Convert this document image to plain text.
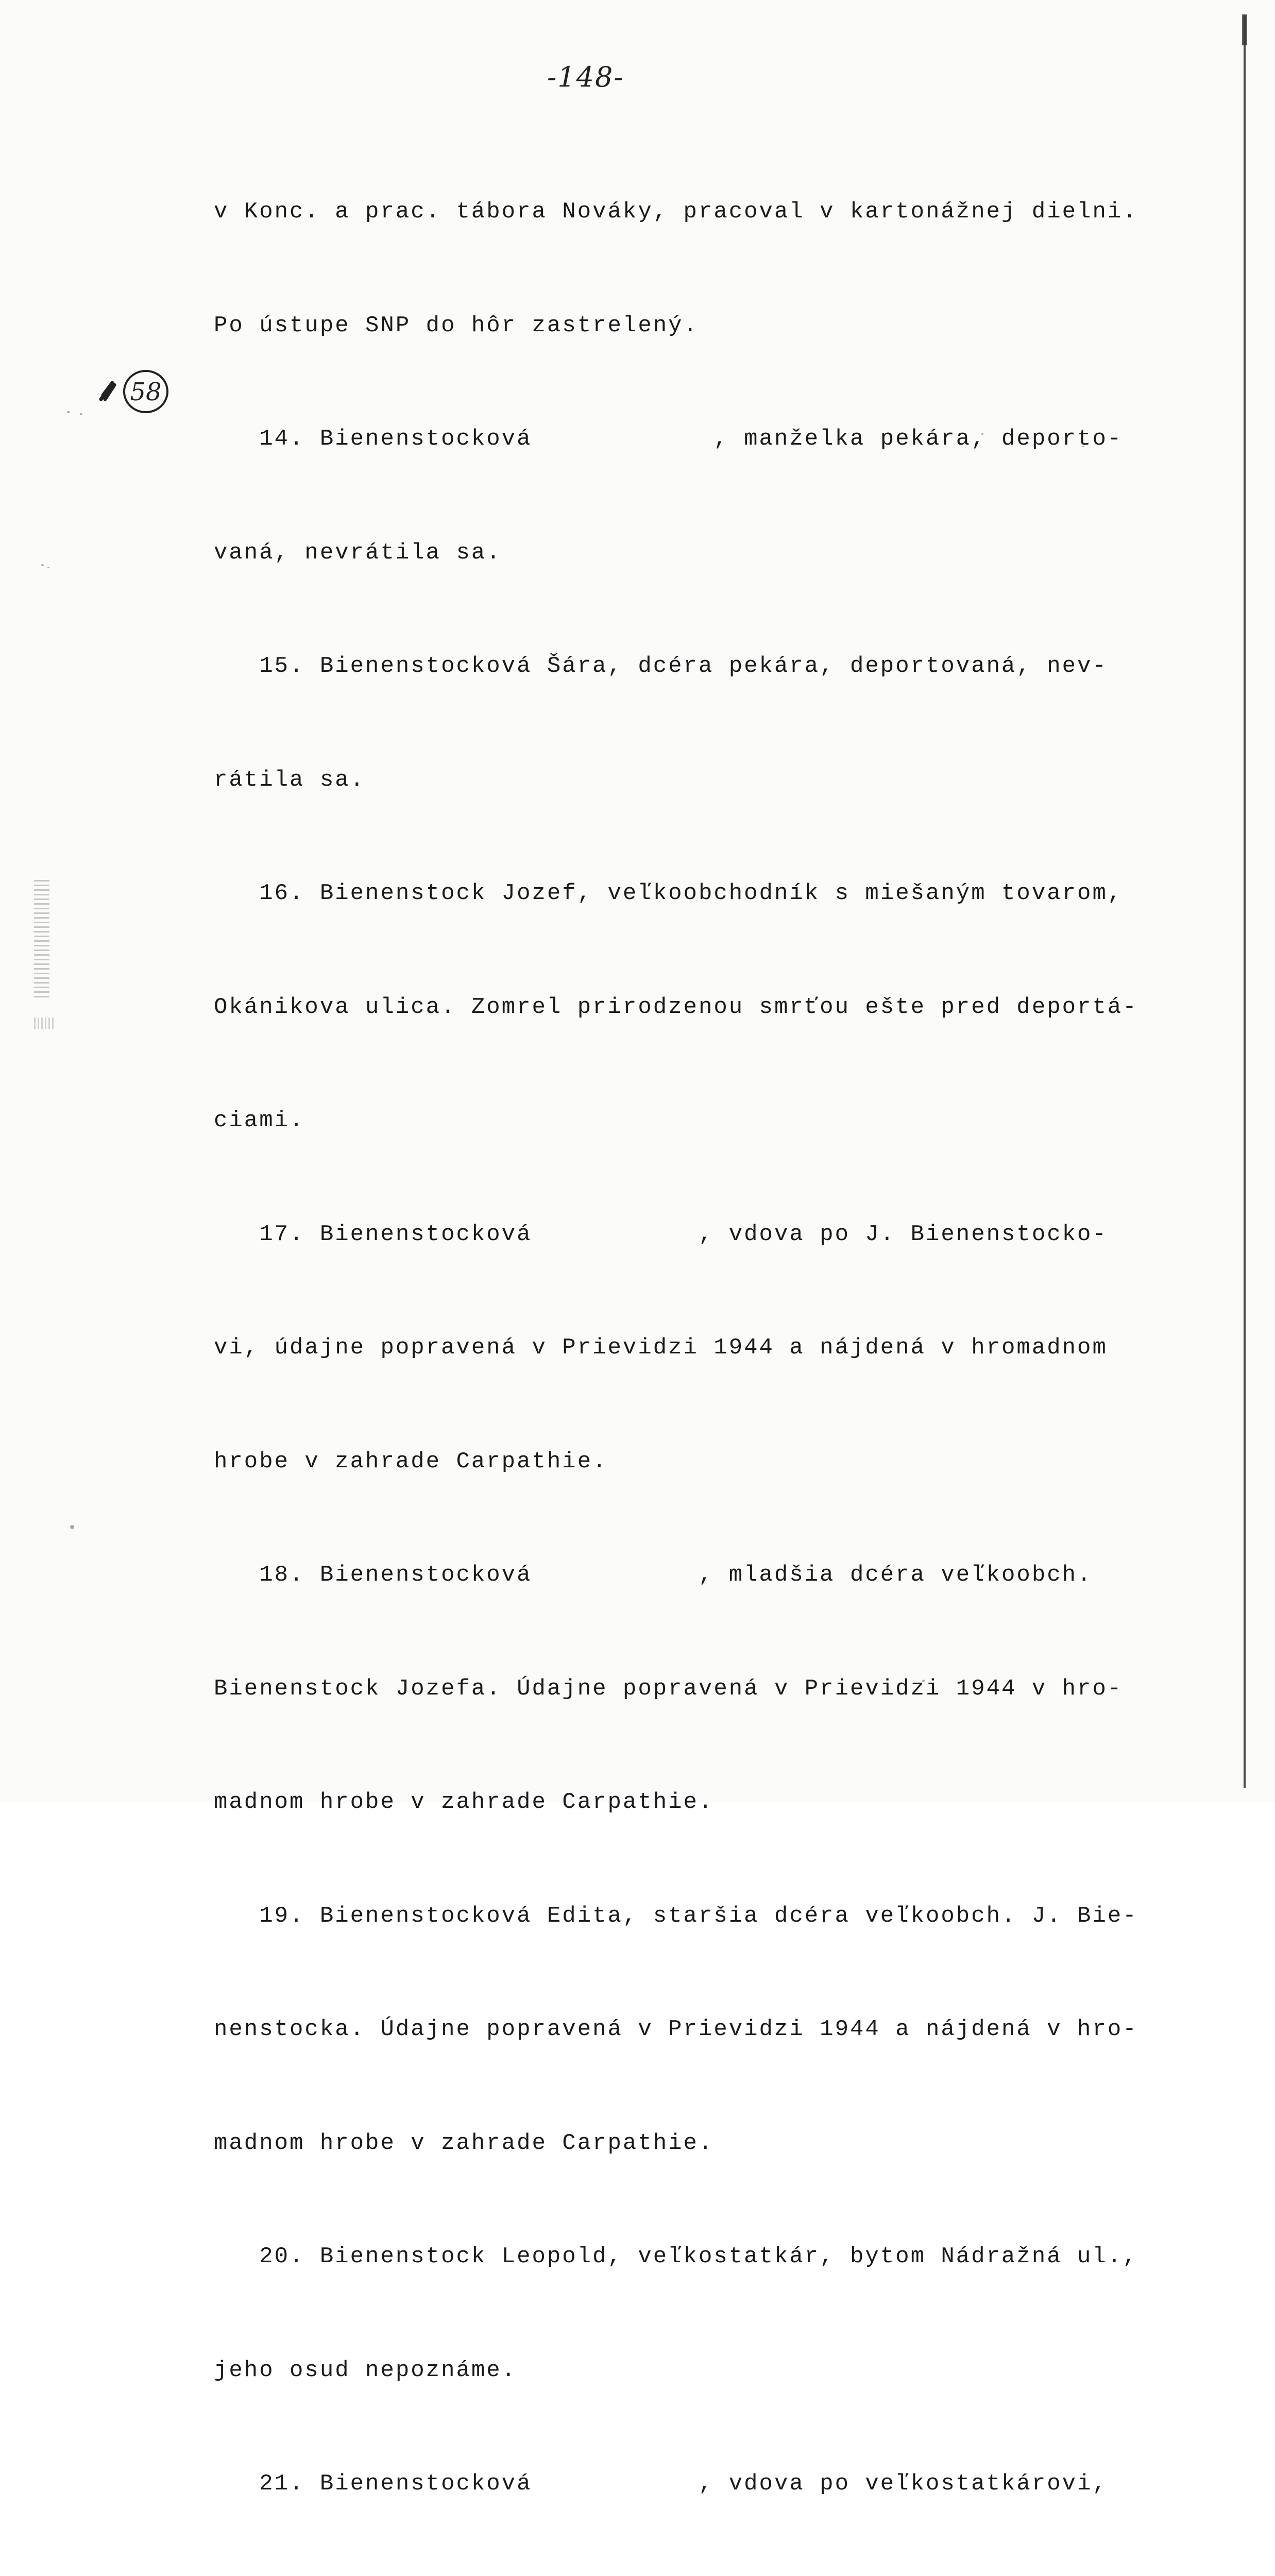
-148-
58

v Konc. a prac. tábora Nováky, pracoval v kartonážnej dielni.

Po ústupe SNP do hôr zastrelený.

14. Bienenstocková            , manželka pekára, deporto-

vaná, nevrátila sa.

15. Bienenstocková Šára, dcéra pekára, deportovaná, nev-

rátila sa.

16. Bienenstock Jozef, veľkoobchodník s miešaným tovarom,

Okánikova ulica. Zomrel prirodzenou smrťou ešte pred deportá-

ciami.

17. Bienenstocková           , vdova po J. Bienenstocko-

vi, údajne popravená v Prievidzi 1944 a nájdená v hromadnom

hrobe v zahrade Carpathie.

18. Bienenstocková           , mladšia dcéra veľkoobch.

Bienenstock Jozefa. Údajne popravená v Prievidzi 1944 v hro-

madnom hrobe v zahrade Carpathie.

19. Bienenstocková Edita, staršia dcéra veľkoobch. J. Bie-

nenstocka. Údajne popravená v Prievidzi 1944 a nájdená v hro-

madnom hrobe v zahrade Carpathie.

20. Bienenstock Leopold, veľkostatkár, bytom Nádražná ul.,

jeho osud nepoznáme.

21. Bienenstocková           , vdova po veľkostatkárovi,
